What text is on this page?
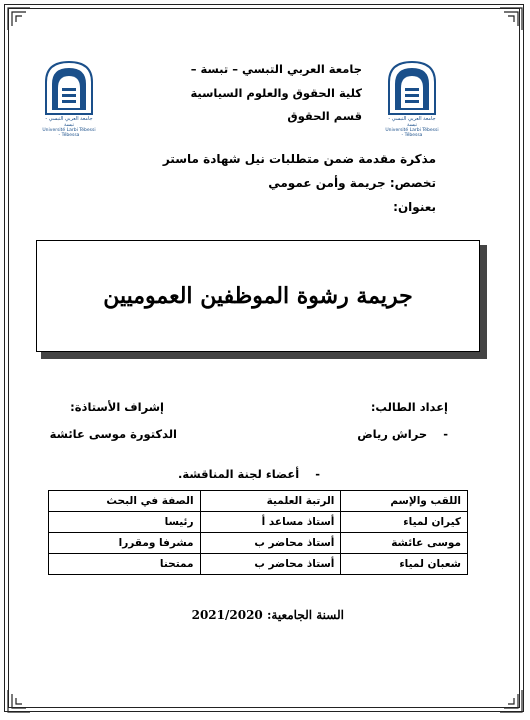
جامعة العربي التبسي - تبسة
Université Larbi Tébessi - Tébessa
جامعة العربي التبسي - تبسة
Université Larbi Tébessi - Tébessa
جامعة العربي التبسي – تبسة –
كلية الحقوق والعلوم السياسية
قسم الحقوق
مذكرة مقدمة ضمن متطلبات نيل شهادة ماستر
تخصص: جريمة وأمن عمومي
بعنوان:
جريمة رشوة الموظفين العموميين
إعداد الطالب:
-    حراش رياض
إشراف الأستاذة:
الدكتورة موسى عائشة
-    أعضاء لجنة المناقشة.
اللقب والإسم	الرتبة العلمية	الصفة في البحث
كيران لمياء	أستاذ مساعد أ	رئيسا
موسى عائشة	أستاذ محاضر ب	مشرفا ومقررا
شعبان لمياء	أستاذ محاضر ب	ممتحنا
السنة الجامعية: 2021/2020
